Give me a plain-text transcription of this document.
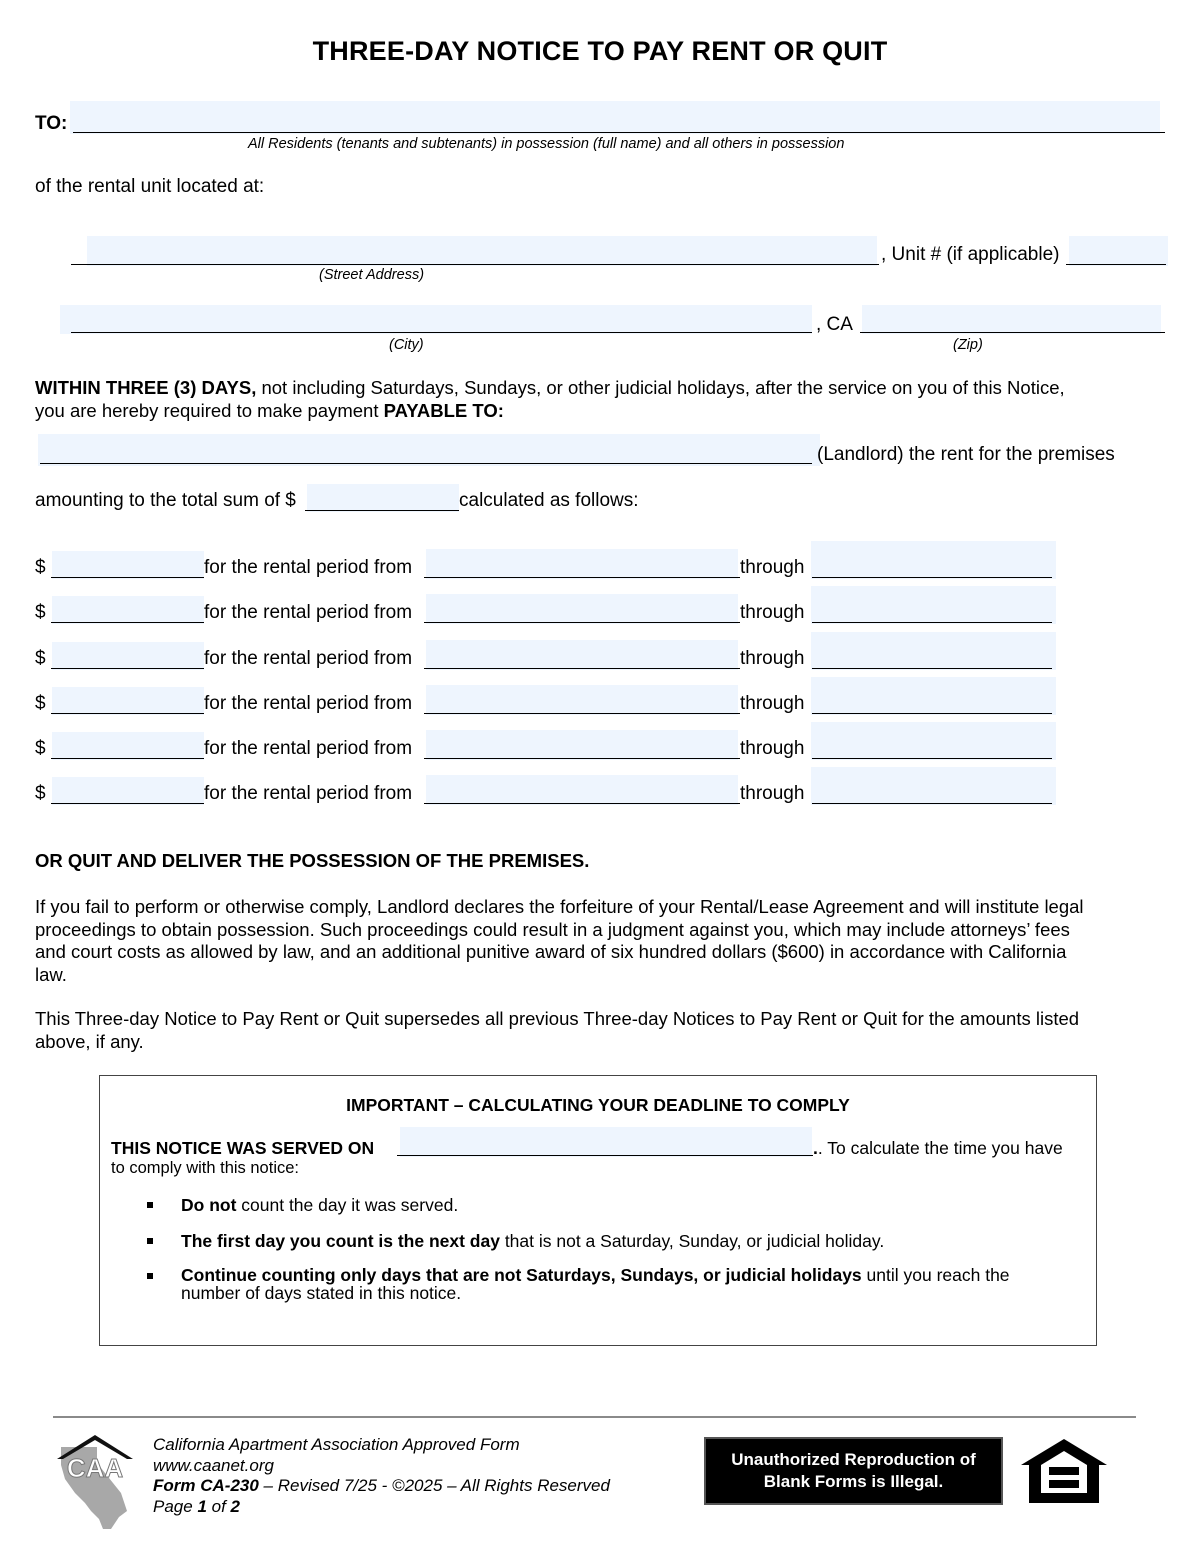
THREE-DAY NOTICE TO PAY RENT OR QUIT
TO:
All Residents (tenants and subtenants) in possession (full name) and all others in possession
of the rental unit located at:
, Unit # (if applicable)
(Street Address)
, CA
(City)	(Zip)
WITHIN THREE (3) DAYS, not including Saturdays, Sundays, or other judicial holidays, after the service on you of this Notice,
you are hereby required to make payment PAYABLE TO:
(Landlord) the rent for the premises
amounting to the total sum of $	calculated as follows:
$	for the rental period from	through
$	for the rental period from	through
$	for the rental period from	through
$	for the rental period from	through
$	for the rental period from	through
$	for the rental period from	through
OR QUIT AND DELIVER THE POSSESSION OF THE PREMISES.
If you fail to perform or otherwise comply, Landlord declares the forfeiture of your Rental/Lease Agreement and will institute legal
proceedings to obtain possession. Such proceedings could result in a judgment against you, which may include attorneys’ fees
and court costs as allowed by law, and an additional punitive award of six hundred dollars ($600) in accordance with California
law.
This Three-day Notice to Pay Rent or Quit supersedes all previous Three-day Notices to Pay Rent or Quit for the amounts listed
above, if any.
IMPORTANT – CALCULATING YOUR DEADLINE TO COMPLY
THIS NOTICE WAS SERVED ON	.. To calculate the time you have
to comply with this notice:
Do not count the day it was served.
The first day you count is the next day that is not a Saturday, Sunday, or judicial holiday.
Continue counting only days that are not Saturdays, Sundays, or judicial holidays until you reach the
number of days stated in this notice.
CAA
California Apartment Association Approved Form
www.caanet.org
Form CA-230 – Revised 7/25 - ©2025 – All Rights Reserved
Page 1 of 2
Unauthorized Reproduction of
Blank Forms is Illegal.
